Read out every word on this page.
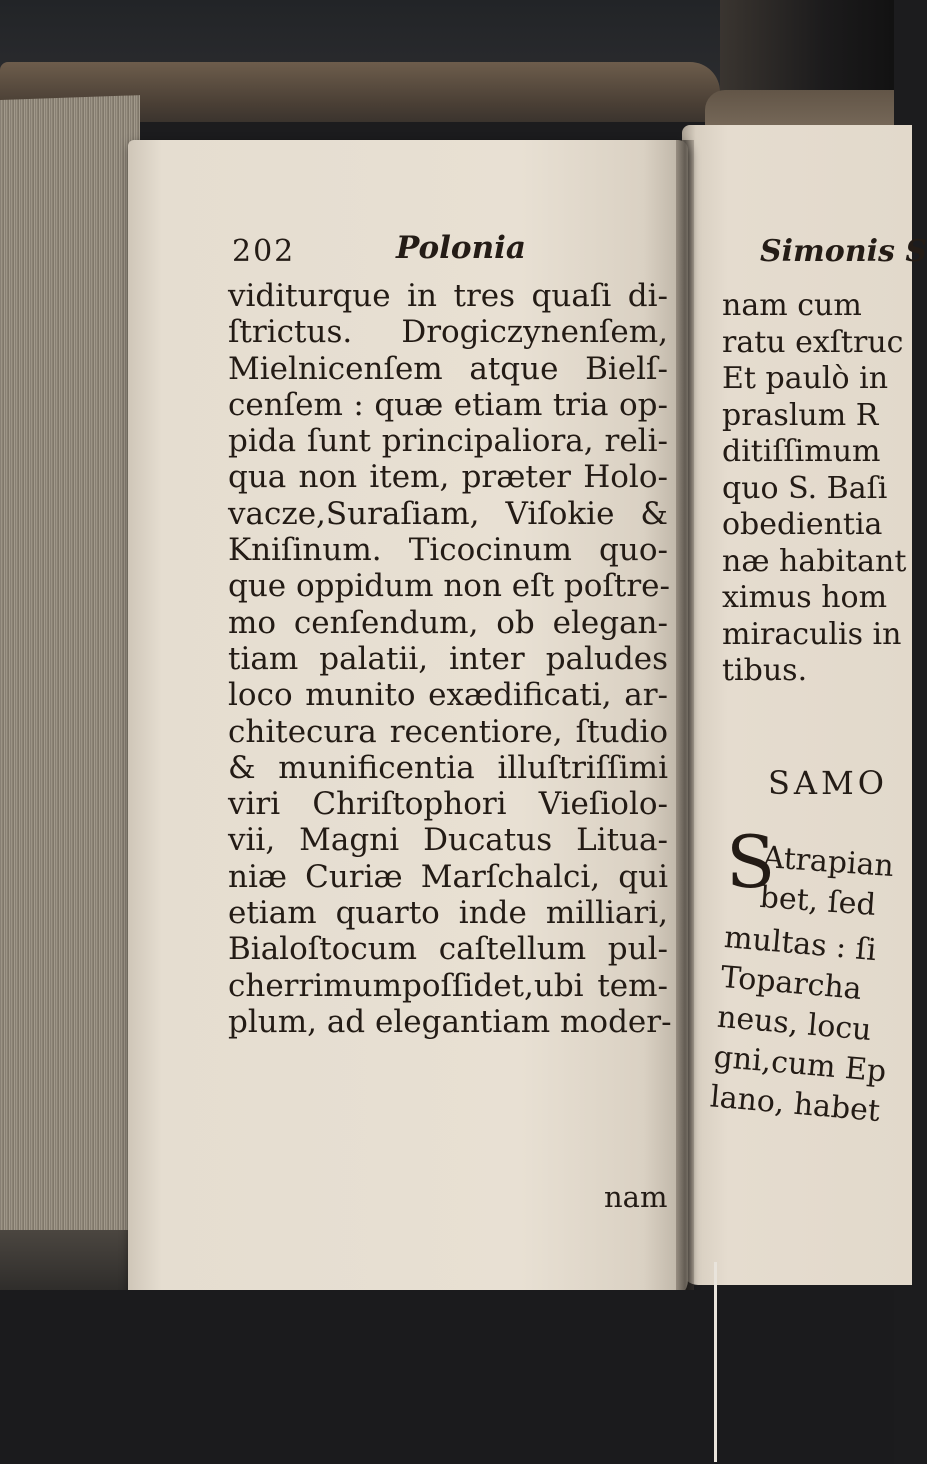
202	Polonia
viditurque in tres quaſi di-
ſtrictus. Drogiczynenſem,
Mielnicenſem atque Bielſ-
cenſem : quæ etiam tria op-
pida ſunt principaliora, reli-
qua non item, præter Holo-
vacze,Suraſiam, Viſokie &
Kniſinum. Ticocinum quo-
que oppidum non eſt poſtre-
mo cenſendum, ob elegan-
tiam palatii, inter paludes
loco munito exædificati, ar-
chitecura recentiore, ſtudio
& munificentia illuſtriſſimi
viri Chriſtophori Vieſiolo-
vii, Magni Ducatus Litua-
niæ Curiæ Marſchalci, qui
etiam quarto inde milliari,
Bialoſtocum caſtellum pul-
cherrimumpoſſidet,ubi tem-
plum, ad elegantiam moder-
nam
Simonis S
nam cum
ratu exſtruc
Et paulò in
praslum R
ditiſſimum
quo S. Baſi
obedientia
næ habitant
ximus hom
miraculis in
tibus.
SAMO
S
Atrapian
bet, ſed
multas : ſi
Toparcha
neus, locu
gni,cum Ep
lano, habet
